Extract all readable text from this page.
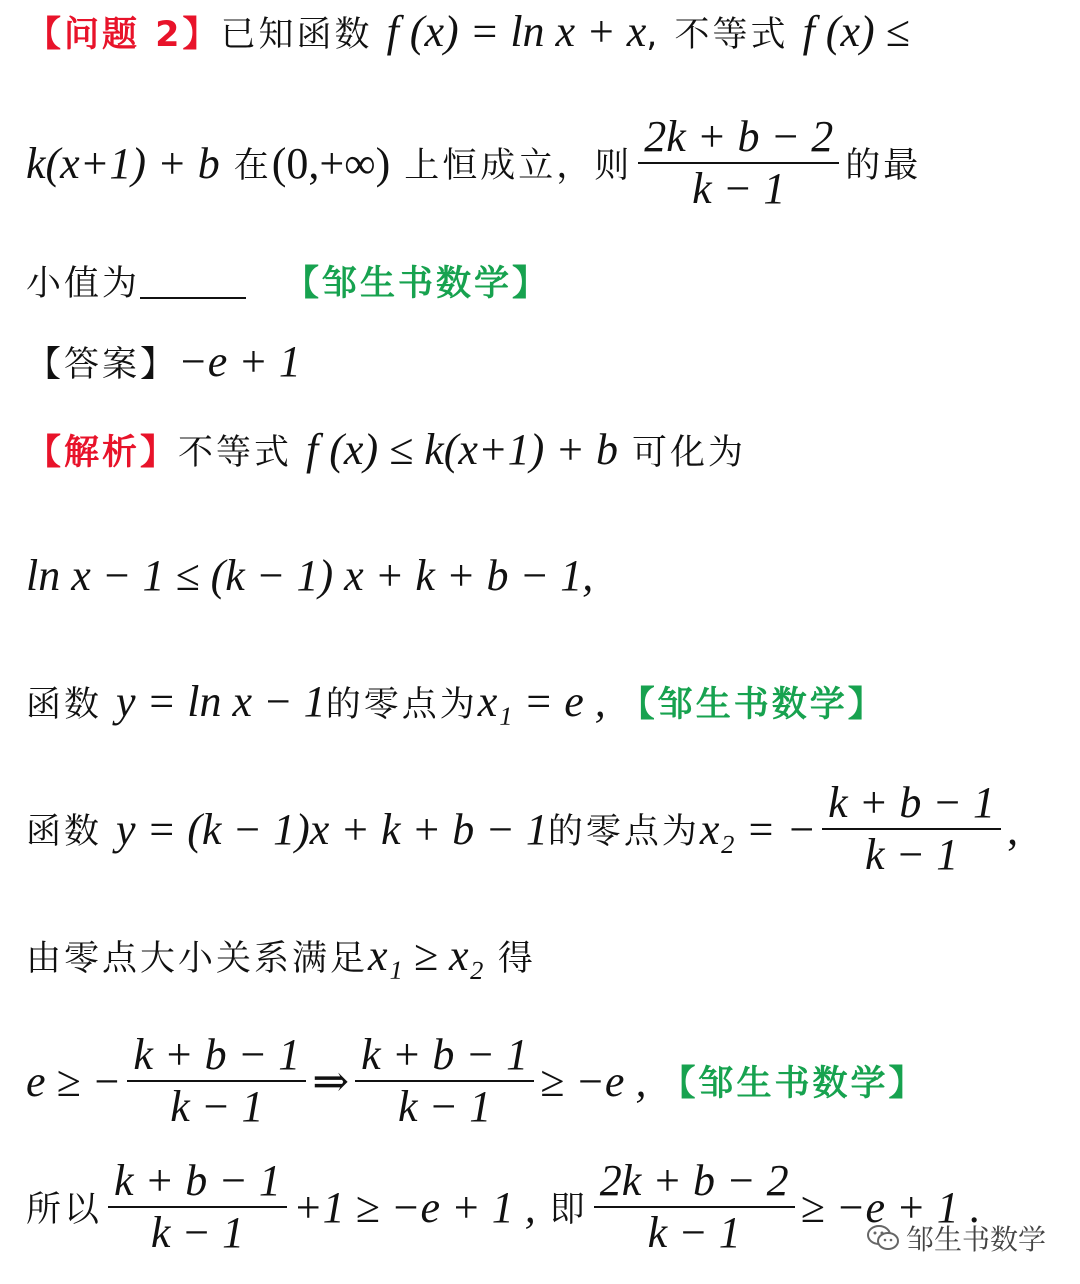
【问题 2】 已知函数 f (x) = ln x + x , 不等式 f (x) ≤
k(x+1) + b 在 (0,+∞) 上恒成立，则 $\frac{2k + b - 2}{k - 1}$ 的最
小值为	【邹生书数学】
【答案】 −e + 1
【解析】 不等式 f (x) ≤ k(x+1) + b 可化为
ln x − 1 ≤ (k − 1) x + k + b − 1,
函数 y = ln x − 1 的零点为 x₁ = e , 【邹生书数学】
函数 y = (k − 1)x + k + b − 1 的零点为 x₂ = − $\frac{k + b - 1}{k - 1}$ ,
由零点大小关系满足 x₁ ≥ x₂ 得
e ≥ − $\frac{k + b - 1}{k - 1}$ ⇒ $\frac{k + b - 1}{k - 1} \ge -e$ , 【邹生书数学】
所以 $\frac{k + b - 1}{k - 1} +1 \ge -e + 1$ , 即 $\frac{2k + b - 2}{k - 1} \ge -e + 1$ .
邹生书数学
